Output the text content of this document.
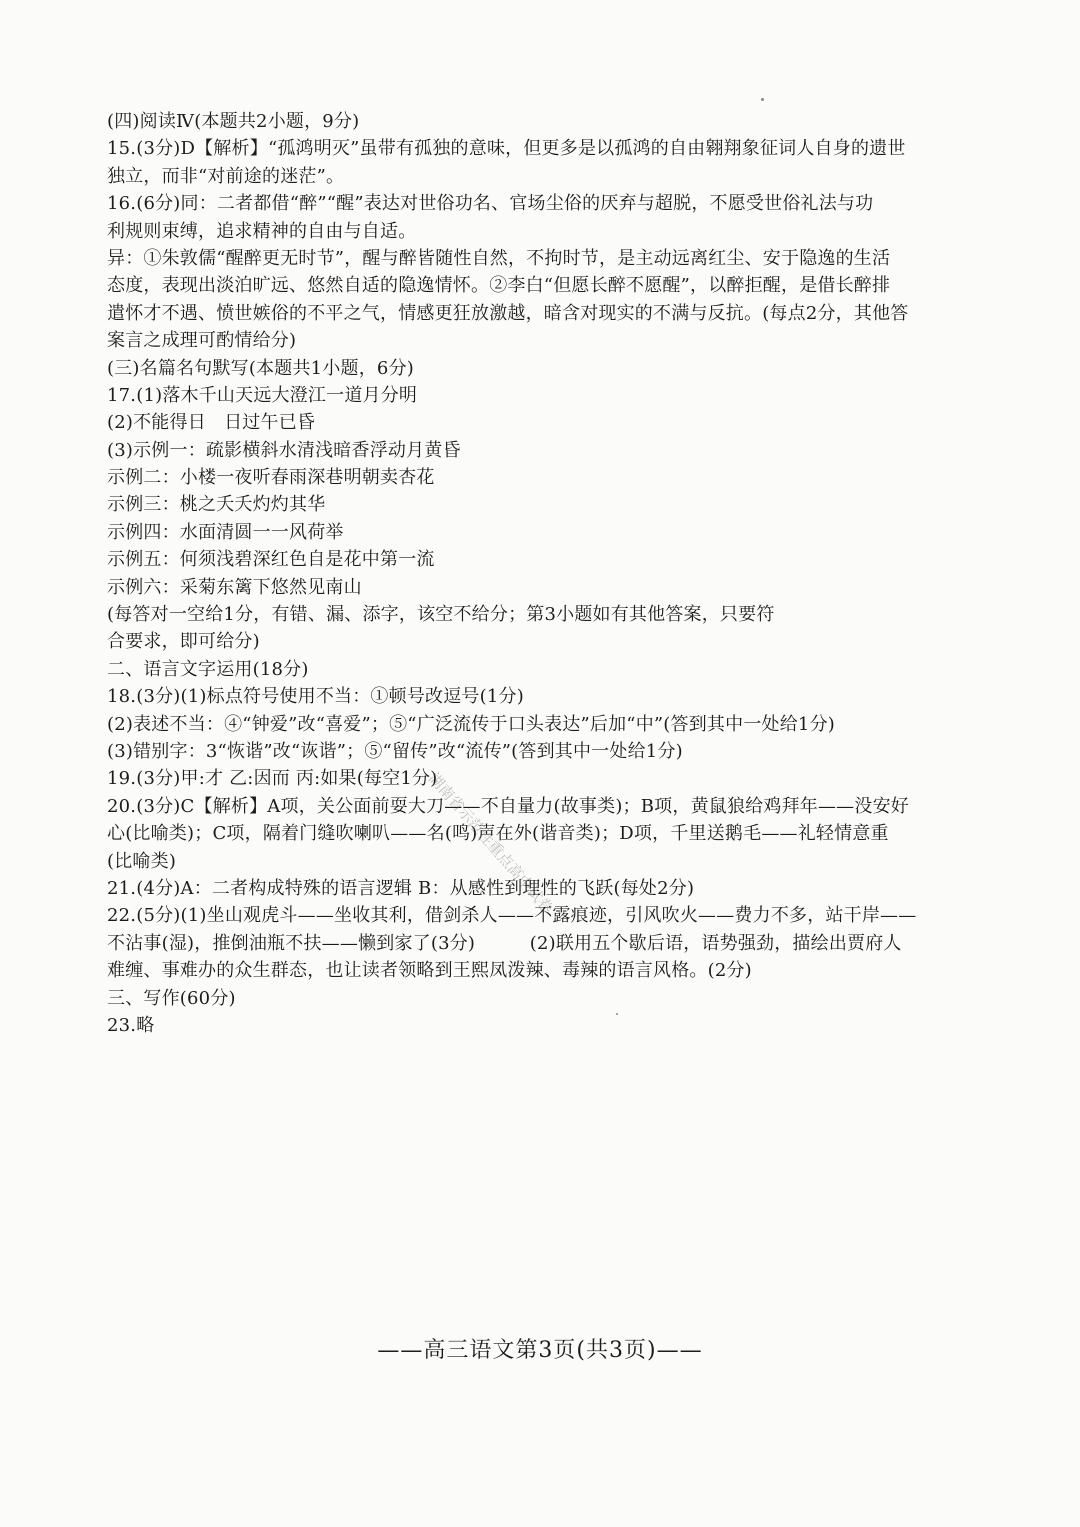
(四)阅读Ⅳ(本题共2小题，9分)
15.(3分)D【解析】“孤鸿明灭”虽带有孤独的意味，但更多是以孤鸿的自由翱翔象征词人自身的遗世
独立，而非“对前途的迷茫”。
16.(6分)同：二者都借“醉”“醒”表达对世俗功名、官场尘俗的厌弃与超脱，不愿受世俗礼法与功
利规则束缚，追求精神的自由与自适。
异：①朱敦儒“醒醉更无时节”，醒与醉皆随性自然，不拘时节，是主动远离红尘、安于隐逸的生活
态度，表现出淡泊旷远、悠然自适的隐逸情怀。②李白“但愿长醉不愿醒”，以醉拒醒，是借长醉排
遣怀才不遇、愤世嫉俗的不平之气，情感更狂放激越，暗含对现实的不满与反抗。(每点2分，其他答
案言之成理可酌情给分)
(三)名篇名句默写(本题共1小题，6分)
17.(1)落木千山天远大澄江一道月分明
(2)不能得日　日过午已昏
(3)示例一：疏影横斜水清浅暗香浮动月黄昏
示例二：小楼一夜听春雨深巷明朝卖杏花
示例三：桃之夭夭灼灼其华
示例四：水面清圆一一风荷举
示例五：何须浅碧深红色自是花中第一流
示例六：采菊东篱下悠然见南山
(每答对一空给1分，有错、漏、添字，该空不给分；第3小题如有其他答案，只要符
合要求，即可给分)
二、语言文字运用(18分)
18.(3分)(1)标点符号使用不当：①顿号改逗号(1分)
(2)表述不当：④“钟爱”改“喜爱”；⑤“广泛流传于口头表达”后加“中”(答到其中一处给1分)
(3)错别字：3“恢谐”改“诙谐”；⑤“留传”改“流传”(答到其中一处给1分)
19.(3分)甲:才 乙:因而 丙:如果(每空1分)
20.(3分)C【解析】A项，关公面前耍大刀——不自量力(故事类)；B项，黄鼠狼给鸡拜年——没安好
心(比喻类)；C项，隔着门缝吹喇叭——名(鸣)声在外(谐音类)；D项，千里送鹅毛——礼轻情意重
(比喻类)
21.(4分)A：二者构成特殊的语言逻辑 B：从感性到理性的飞跃(每处2分)
22.(5分)(1)坐山观虎斗——坐收其利，借剑杀人——不露痕迹，引风吹火——费力不多，站干岸——
不沾事(湿)，推倒油瓶不扶——懒到家了(3分)　　　(2)联用五个歇后语，语势强劲，描绘出贾府人
难缠、事难办的众生群态，也让读者领略到王熙凤泼辣、毒辣的语言风格。(2分)
三、写作(60分)
23.略
——高三语文第3页(共3页)——
湖南省示范性重点高中试卷
